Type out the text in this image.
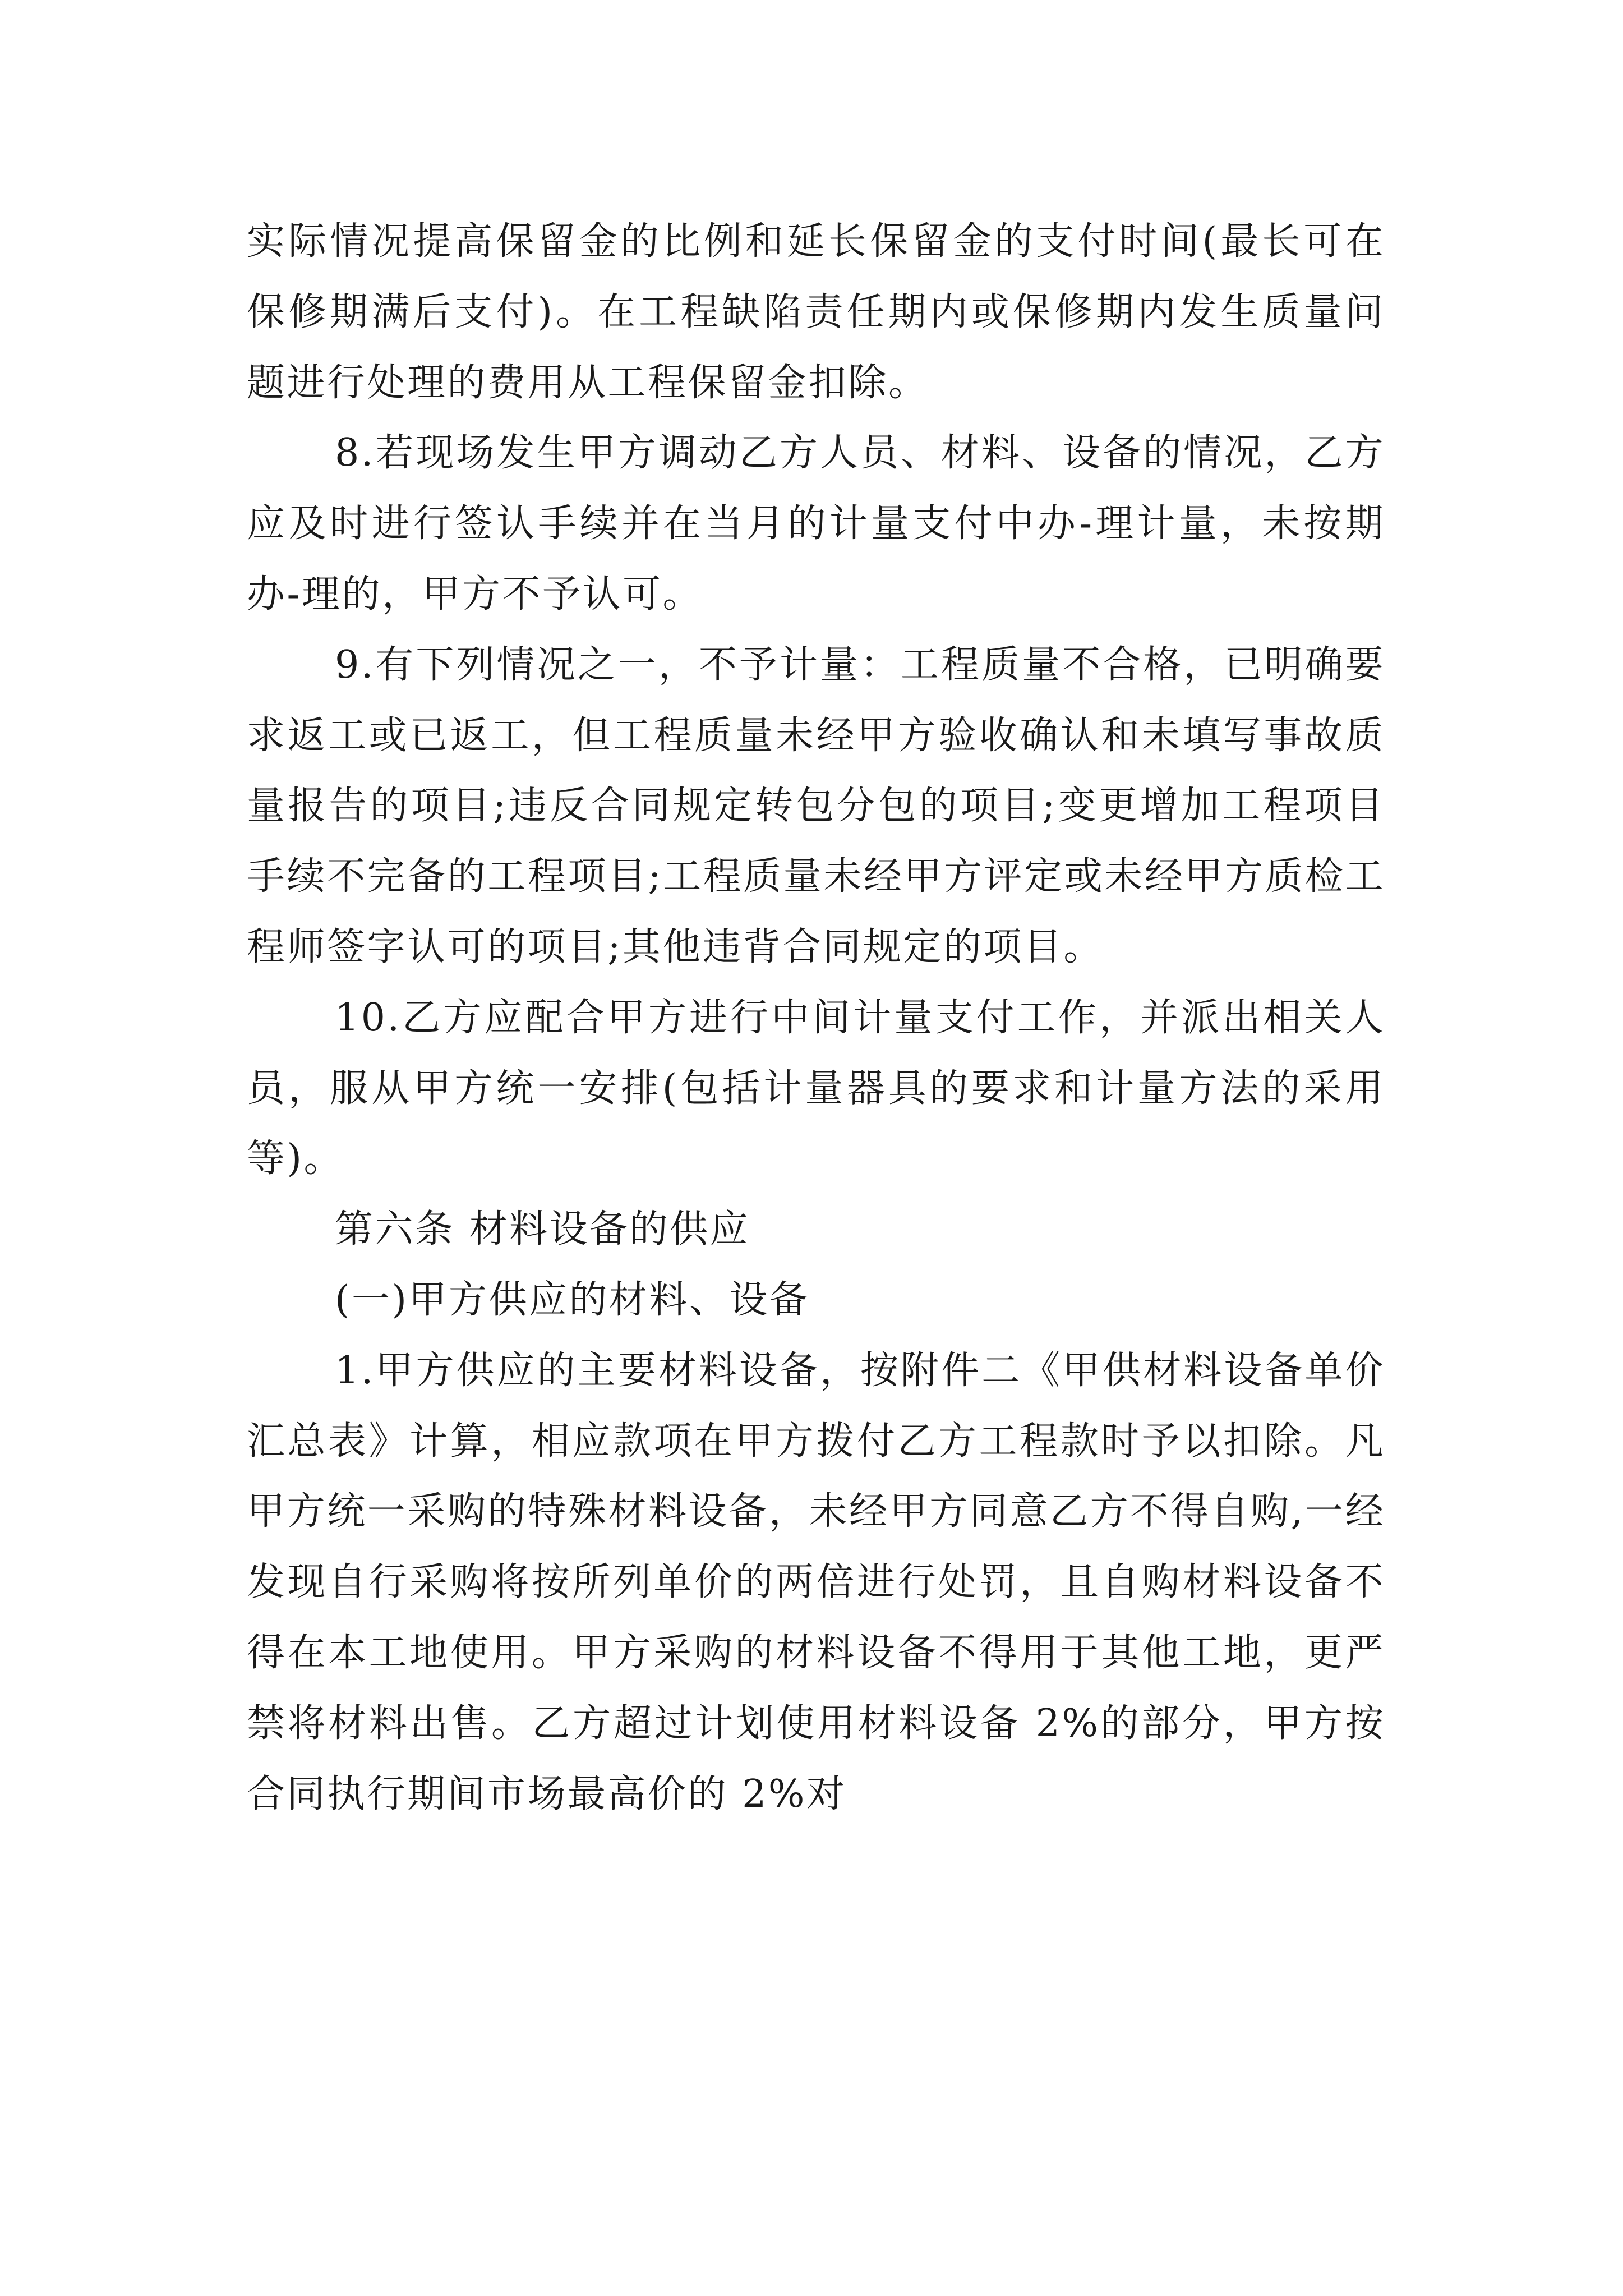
实际情况提高保留金的比例和延长保留金的支付时间(最长可在保修期满后支付)。在工程缺陷责任期内或保修期内发生质量问题进行处理的费用从工程保留金扣除。

8.若现场发生甲方调动乙方人员、材料、设备的情况，乙方应及时进行签认手续并在当月的计量支付中办-理计量，未按期办-理的，甲方不予认可。

9.有下列情况之一，不予计量：工程质量不合格，已明确要求返工或已返工，但工程质量未经甲方验收确认和未填写事故质量报告的项目;违反合同规定转包分包的项目;变更增加工程项目手续不完备的工程项目;工程质量未经甲方评定或未经甲方质检工程师签字认可的项目;其他违背合同规定的项目。

10.乙方应配合甲方进行中间计量支付工作，并派出相关人员，服从甲方统一安排(包括计量器具的要求和计量方法的采用等)。

第六条 材料设备的供应

(一)甲方供应的材料、设备

1.甲方供应的主要材料设备，按附件二《甲供材料设备单价汇总表》计算，相应款项在甲方拨付乙方工程款时予以扣除。凡甲方统一采购的特殊材料设备，未经甲方同意乙方不得自购,一经发现自行采购将按所列单价的两倍进行处罚，且自购材料设备不得在本工地使用。甲方采购的材料设备不得用于其他工地，更严禁将材料出售。乙方超过计划使用材料设备 2%的部分，甲方按合同执行期间市场最高价的 2%对
